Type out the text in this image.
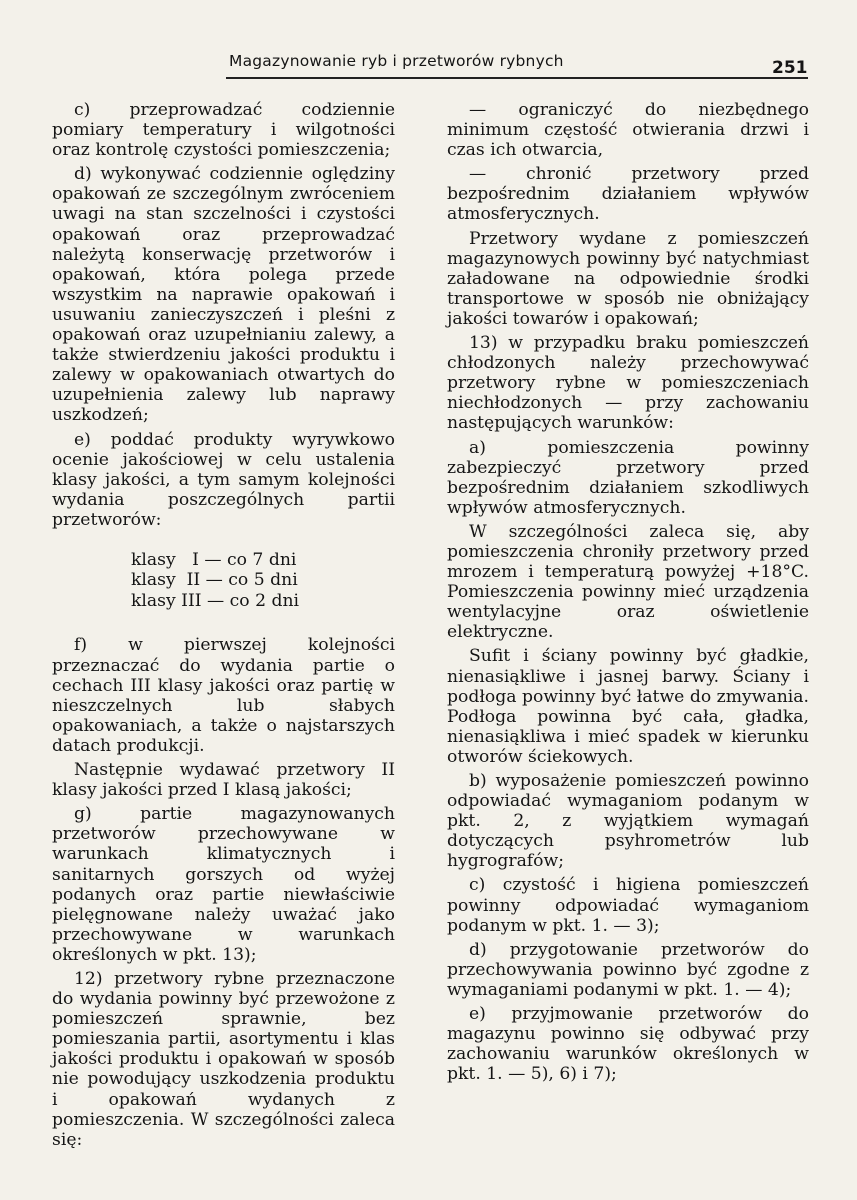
Magazynowanie ryb i przetworów rybnych	251

c) przeprowadzać codziennie pomiary temperatury i wilgotności oraz kontrolę czystości pomieszczenia;

d) wykonywać codziennie oględziny opakowań ze szczególnym zwróceniem uwagi na stan szczelności i czystości opakowań oraz przeprowadzać należytą konserwację przetworów i opakowań, która polega przede wszystkim na naprawie opakowań i usuwaniu zanieczyszczeń i pleśni z opakowań oraz uzupełnianiu zalewy, a także stwierdzeniu jakości produktu i zalewy w opakowaniach otwartych do uzupełnienia zalewy lub naprawy uszkodzeń;

e) poddać produkty wyrywkowo ocenie jakościowej w celu ustalenia klasy jakości, a tym samym kolejności wydania poszczególnych partii przetworów:

klasy   I — co 7 dni
klasy  II — co 5 dni
klasy III — co 2 dni

f) w pierwszej kolejności przeznaczać do wydania partie o cechach III klasy jakości oraz partię w nieszczelnych lub słabych opakowaniach, a także o najstarszych datach produkcji.

Następnie wydawać przetwory II klasy jakości przed I klasą jakości;

g) partie magazynowanych przetworów przechowywane w warunkach klimatycznych i sanitarnych gorszych od wyżej podanych oraz partie niewłaściwie pielęgnowane należy uważać jako przechowywane w warunkach określonych w pkt. 13);

12) przetwory rybne przeznaczone do wydania powinny być przewożone z pomieszczeń sprawnie, bez pomieszania partii, asortymentu i klas jakości produktu i opakowań w sposób nie powodujący uszkodzenia produktu i opakowań wydanych z pomieszczenia. W szczególności zaleca się:

— ograniczyć do niezbędnego minimum częstość otwierania drzwi i czas ich otwarcia,

— chronić przetwory przed bezpośrednim działaniem wpływów atmosferycznych.

Przetwory wydane z pomieszczeń magazynowych powinny być natychmiast załadowane na odpowiednie środki transportowe w sposób nie obniżający jakości towarów i opakowań;

13) w przypadku braku pomieszczeń chłodzonych należy przechowywać przetwory rybne w pomieszczeniach niechłodzonych — przy zachowaniu następujących warunków:

a) pomieszczenia powinny zabezpieczyć przetwory przed bezpośrednim działaniem szkodliwych wpływów atmosferycznych.

W szczególności zaleca się, aby pomieszczenia chroniły przetwory przed mrozem i temperaturą powyżej +18°C. Pomieszczenia powinny mieć urządzenia wentylacyjne oraz oświetlenie elektryczne.

Sufit i ściany powinny być gładkie, nienasiąkliwe i jasnej barwy. Ściany i podłoga powinny być łatwe do zmywania. Podłoga powinna być cała, gładka, nienasiąkliwa i mieć spadek w kierunku otworów ściekowych.

b) wyposażenie pomieszczeń powinno odpowiadać wymaganiom podanym w pkt. 2, z wyjątkiem wymagań dotyczących psyhrometrów lub hygrografów;

c) czystość i higiena pomieszczeń powinny odpowiadać wymaganiom podanym w pkt. 1. — 3);

d) przygotowanie przetworów do przechowywania powinno być zgodne z wymaganiami podanymi w pkt. 1. — 4);

e) przyjmowanie przetworów do magazynu powinno się odbywać przy zachowaniu warunków określonych w pkt. 1. — 5), 6) i 7);
